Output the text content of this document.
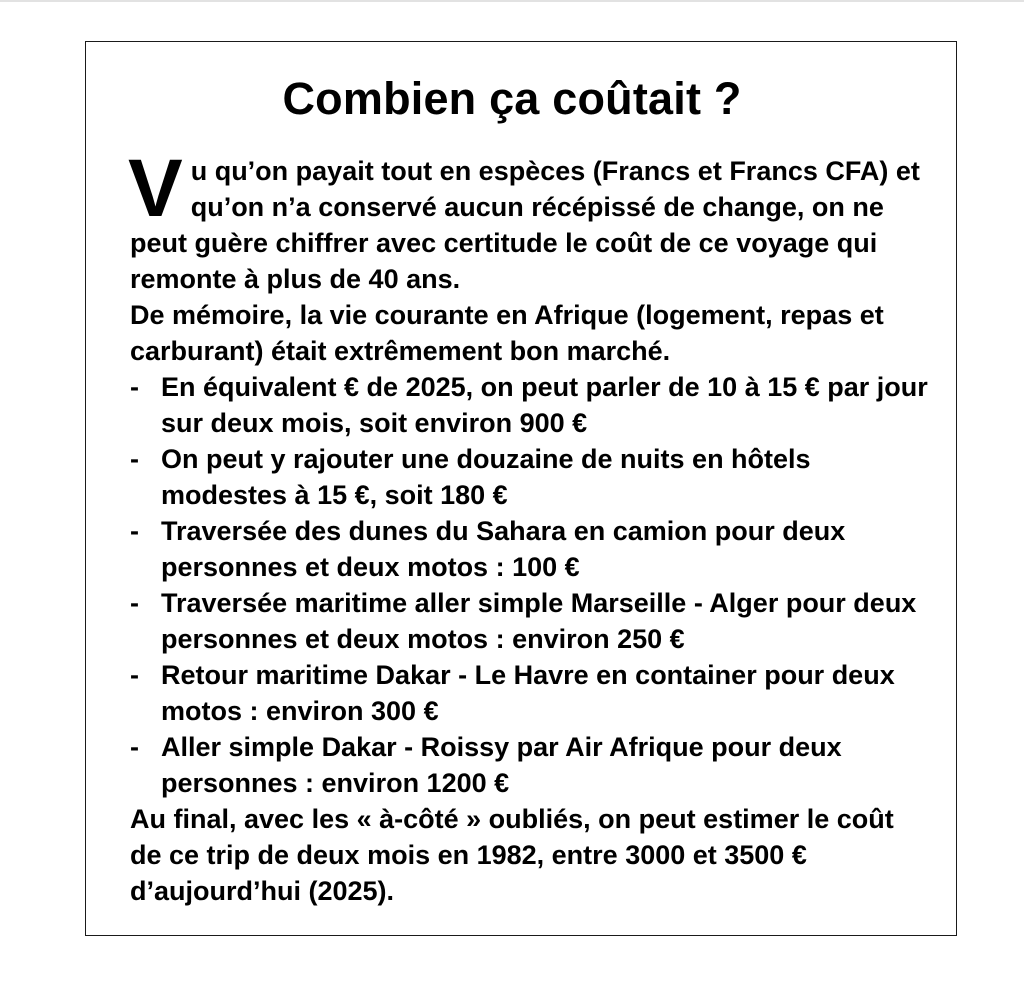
Combien ça coûtait ?

Vu qu’on payait tout en espèces (Francs et Francs CFA) et qu’on n’a conservé aucun récépissé de change, on ne peut guère chiffrer avec certitude le coût de ce voyage qui remonte à plus de 40 ans.

De mémoire, la vie courante en Afrique (logement, repas et carburant) était extrêmement bon marché.

- En équivalent € de 2025, on peut parler de 10 à 15 € par jour sur deux mois, soit environ 900 €
- On peut y rajouter une douzaine de nuits en hôtels modestes à 15 €, soit 180 €
- Traversée des dunes du Sahara en camion pour deux personnes et deux motos : 100 €
- Traversée maritime aller simple Marseille - Alger pour deux personnes et deux motos : environ 250 €
- Retour maritime Dakar - Le Havre en container pour deux motos : environ 300 €
- Aller simple Dakar - Roissy par Air Afrique pour deux personnes : environ 1200 €

Au final, avec les « à-côté » oubliés, on peut estimer le coût de ce trip de deux mois en 1982, entre 3000 et 3500 € d’aujourd’hui (2025).
